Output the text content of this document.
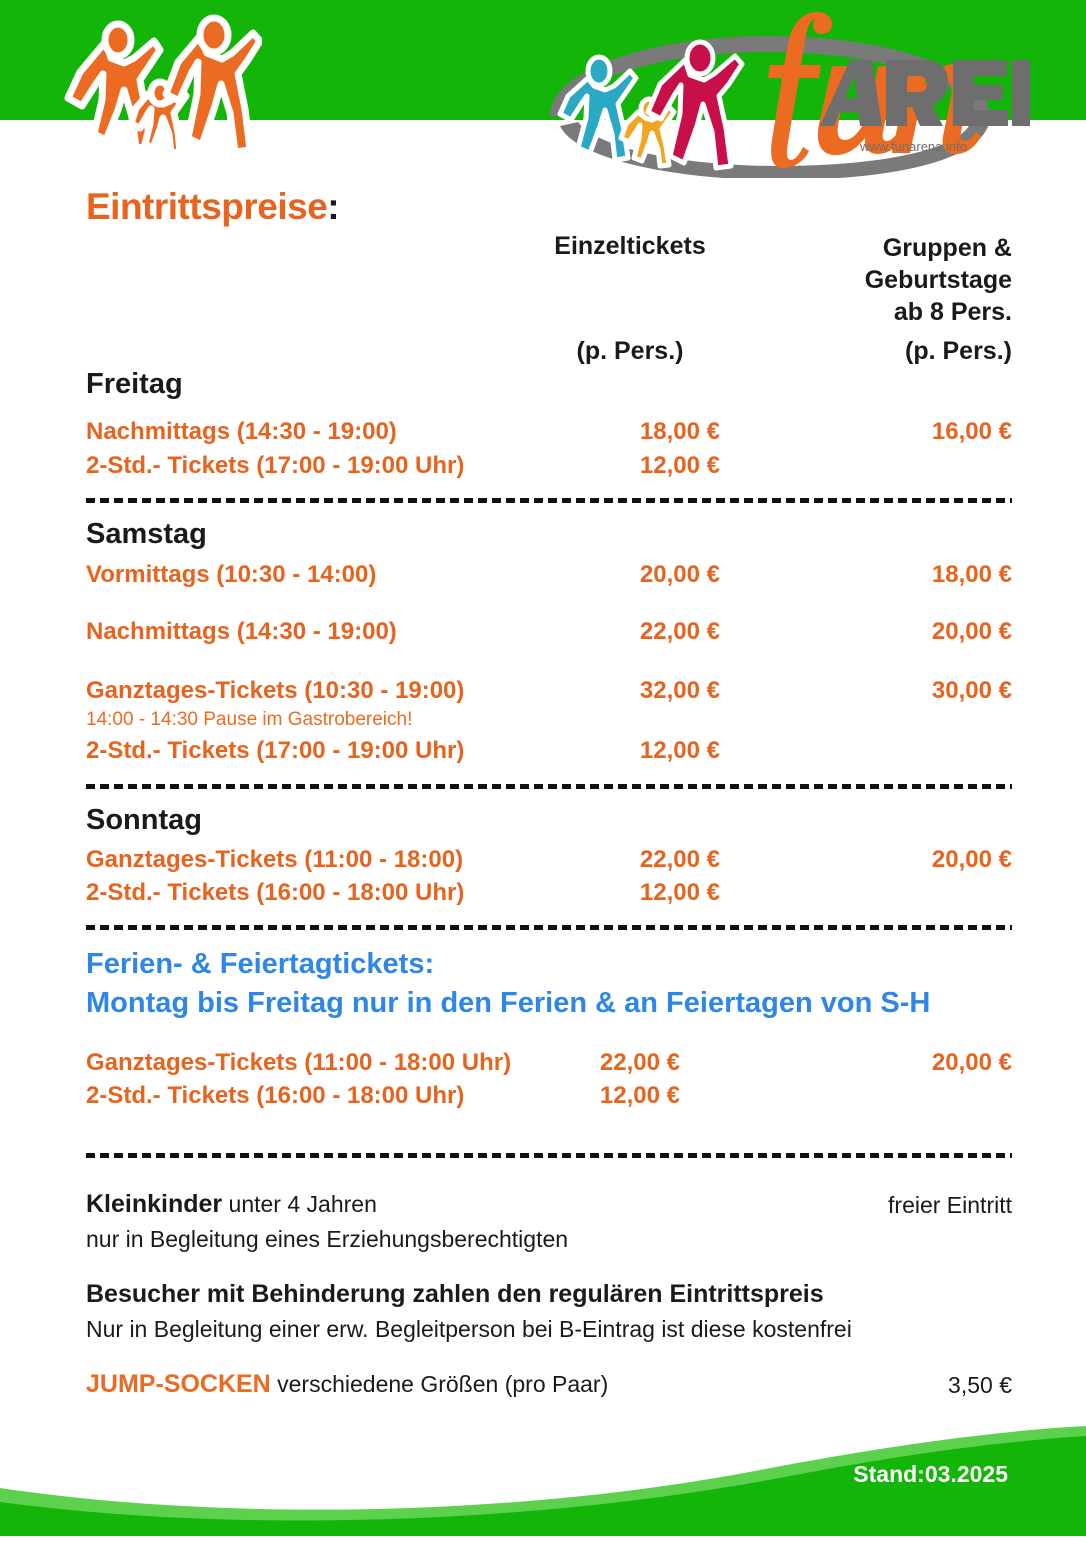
www.funarena.info
Eintrittspreise:
Einzeltickets	Gruppen &
Geburtstage
ab 8 Pers.
(p. Pers.)	(p. Pers.)
Freitag
Nachmittags (14:30 - 19:00)	18,00 €	16,00 €
2-Std.- Tickets (17:00 - 19:00 Uhr)	12,00 €
Samstag
Vormittags (10:30 - 14:00)	20,00 €	18,00 €
Nachmittags (14:30 - 19:00)	22,00 €	20,00 €
Ganztages-Tickets (10:30 - 19:00)	32,00 €	30,00 €
14:00 - 14:30 Pause im Gastrobereich!
2-Std.- Tickets (17:00 - 19:00 Uhr)	12,00 €
Sonntag
Ganztages-Tickets (11:00 - 18:00)	22,00 €	20,00 €
2-Std.- Tickets (16:00 - 18:00 Uhr)	12,00 €
Ferien- & Feiertagtickets:
Montag bis Freitag nur in den Ferien & an Feiertagen von S-H
Ganztages-Tickets (11:00 - 18:00 Uhr)	22,00 €	20,00 €
2-Std.- Tickets (16:00 - 18:00 Uhr)	12,00 €
Kleinkinder unter 4 Jahren	freier Eintritt
nur in Begleitung eines Erziehungsberechtigten
Besucher mit Behinderung zahlen den regulären Eintrittspreis
Nur in Begleitung einer erw. Begleitperson bei B-Eintrag ist diese kostenfrei
JUMP-SOCKEN verschiedene Größen (pro Paar)	3,50 €
Stand:03.2025
